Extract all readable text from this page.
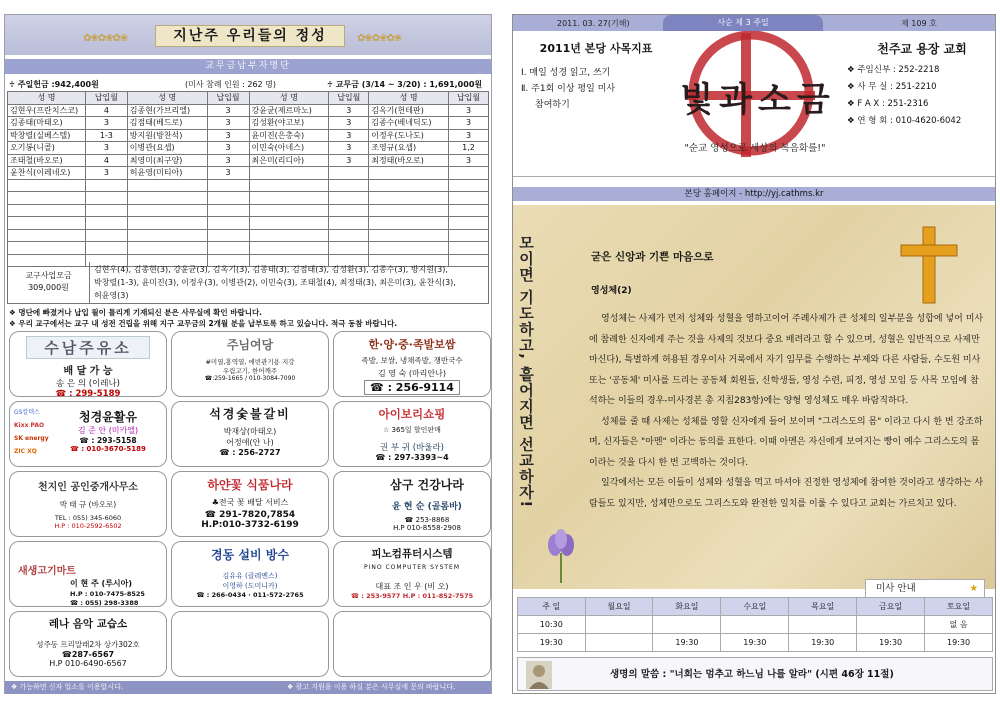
✿❀✿❀✿❀	지난주 우리들의 정성	✿❀✿❀✿❀
교무금납부자명단
♰ 주일헌금 :942,400원	(미사 참례 인원 : 262 명)	♰ 교무금 (3/14 ~ 3/20) : 1,691,000원
성 명	납입월	성 명	납입월	성 명	납입월	성 명	납입월
김현우(프란치스코)	4	김종현(가브리엘)	3	강윤균(제르마노)	3	김옥기(헌테판)	3
김종태(마태오)	3	김점태(베드로)	3	김성환(야고보)	3	김종수(베네딕도)	3
박창렬(실베스텔)	1-3	방지원(방찬석)	3	윤미진(은총숙)	3	이정우(도나도)	3
오기봉(니콜)	3	이병관(요셉)	3	이민숙(아네스)	3	조영규(요셉)	1,2
조태철(바오로)	4	최영미(최구양)	3	최은미(리디아)	3	최정태(바오로)	3
윤찬식(이레네오)	3	허윤영(미티아)	3				

교구사업모금
309,000원
김현우(4), 김종현(3), 강윤균(3), 김옥기(3), 김종태(3), 김점태(3), 김성환(3), 김종수(3), 방지원(3),
박창렬(1-3), 윤미진(3), 이정우(3), 이병관(2), 이민숙(3), 조태철(4), 최정태(3), 최은미(3), 윤찬식(3),
허윤영(3)
❖ 명단에 빠졌거나 납입 월이 틀리게 기재되신 분은 사무실에 확인 바랍니다.
❖ 우리 교구에서는 교구 내 성전 건립을 위해 지구 교무금의 2개월 분을 납부토록 하고 있습니다. 적극 동참 바랍니다.
수남주유소
배 달 가 능
송 은 의 (이레나)
☎ : 299-5189
주님여당
#미열,홍역열, 에빈관기용 지강
우림고기, 한어깨주
☎:259-1665 / 010-3084-7090
한·양·중·족발보쌈
족발, 보쌈, 냉채족발, 쟁반국수
김 영 숙 (마리안나)
☎ : 256-9114
GS칼텍스
Kixx PAO
SK energy
ZIC XQ
청경윤활유
김 준 안 (미카엘)
☎ : 293-5158
☎ : 010-3670-5189
석경숯불갈비
박재상(마태오)
어정애(안 나)
☎ : 256-2727
아이보리쇼핑
☆ 365일 할인판매
권 부 귀 (바울라)
☎ : 297-3393~4
천지인 공인중개사무소
박 태 규 (바오로)
TEL : 055) 345-6060
H.P : 010-2592-6502
하얀꽃 식품나라
♣전국 꽃 배달 서비스
☎ 291-7820,7854
H.P:010-3732-6199
삼구 건강나라
윤 현 순 (골롬바)
☎ 253-8868
H.P 010-8558-2908
새생고기마트
이 현 주 (루시아)
H.P : 010-7475-8525
☎ : 055) 298-3388
경동 설비 방수
김유유 (클레멘스)
이영하 (도미니카)
☎ : 266-0434 · 011-572-2765
피노컴퓨터시스템
PINO COMPUTER SYSTEM
대표 조 인 우 (비 오)
☎ : 253-9577 H.P : 011-852-7575
레나 음악 교습소
성주동 프리말래2차 상가302호
☎287-6567
H.P 010-6490-6567
❖ 가능하면 신자 업소를 이용합시다.	❖ 광고 지원을 이용 하실 분은 사무실에 문의 바랍니다.
2011. 03. 27(기해)	사순 제 3 주일	제 109 호
2011년 본당 사목지표
Ⅰ. 매일 성경 읽고, 쓰기
Ⅱ. 주1회 이상 평일 미사
참여하기	빛과소금
"순교 영성으로 세상의 복음화를!"
천주교 용장 교회
❖ 주임신부 : 252-2218
❖ 사 무 실 : 251-2210
❖ F A X : 251-2316
❖ 연 형 회 : 010-4620-6042
본당 홈페이지 - http://yj.cathms.kr
모이면 기도하고, 흩어지면 선교하자!	굳은 신앙과 기쁜 마음으로
영성체(2)

영성체는 사제가 먼저 성체와 성혈을 영하고이어 주례사제가 큰 성체의 일부분을 성합에 넣어 미사에 참례한 신자에게 주는 것을 사제의 것보다 중요 배려라고 할 수 있으며, 성혈은 일반적으로 사제만 마신다), 특별하게 허용된 경우이사 거룩에서 자기 임무를 수행하는 부제와 다른 사람들, 수도원 미사 또는 '공동체' 미사를 드리는 공동체 회원들, 신학생들, 영성 수련, 피정, 영성 모임 등 사목 모임에 참석하는 이들의 경우-미사경본 총 지침283항)에는 양형 영성체도 매우 바람직하다.

성체를 줄 때 사제는 성체를 영할 신자에게 들어 보이며 "그리스도의 몸" 이라고 다시 한 번 강조하며, 신자들은 "아멘" 이라는 동의를 표한다. 이때 아멘은 자신에게 보여지는 빵이 예수 그리스도의 몸이라는 것을 다시 한 번 고백하는 것이다.

일각에서는 모든 이들이 성체와 성혈을 먹고 마셔야 진정한 영성체에 참여한 것이라고 생각하는 사람들도 있지만, 성체만으로도 그리스도와 완전한 일치를 이룰 수 있다고 교회는 가르치고 있다.

미사 안내	★
주 일	월요일	화요일	수요일	목요일	금요일	토요일
10:30						없 음
19:30		19:30	19:30	19:30	19:30	19:30
생명의 말씀 : "너희는 멈추고 하느님 나를 알라" (시편 46장 11절)
